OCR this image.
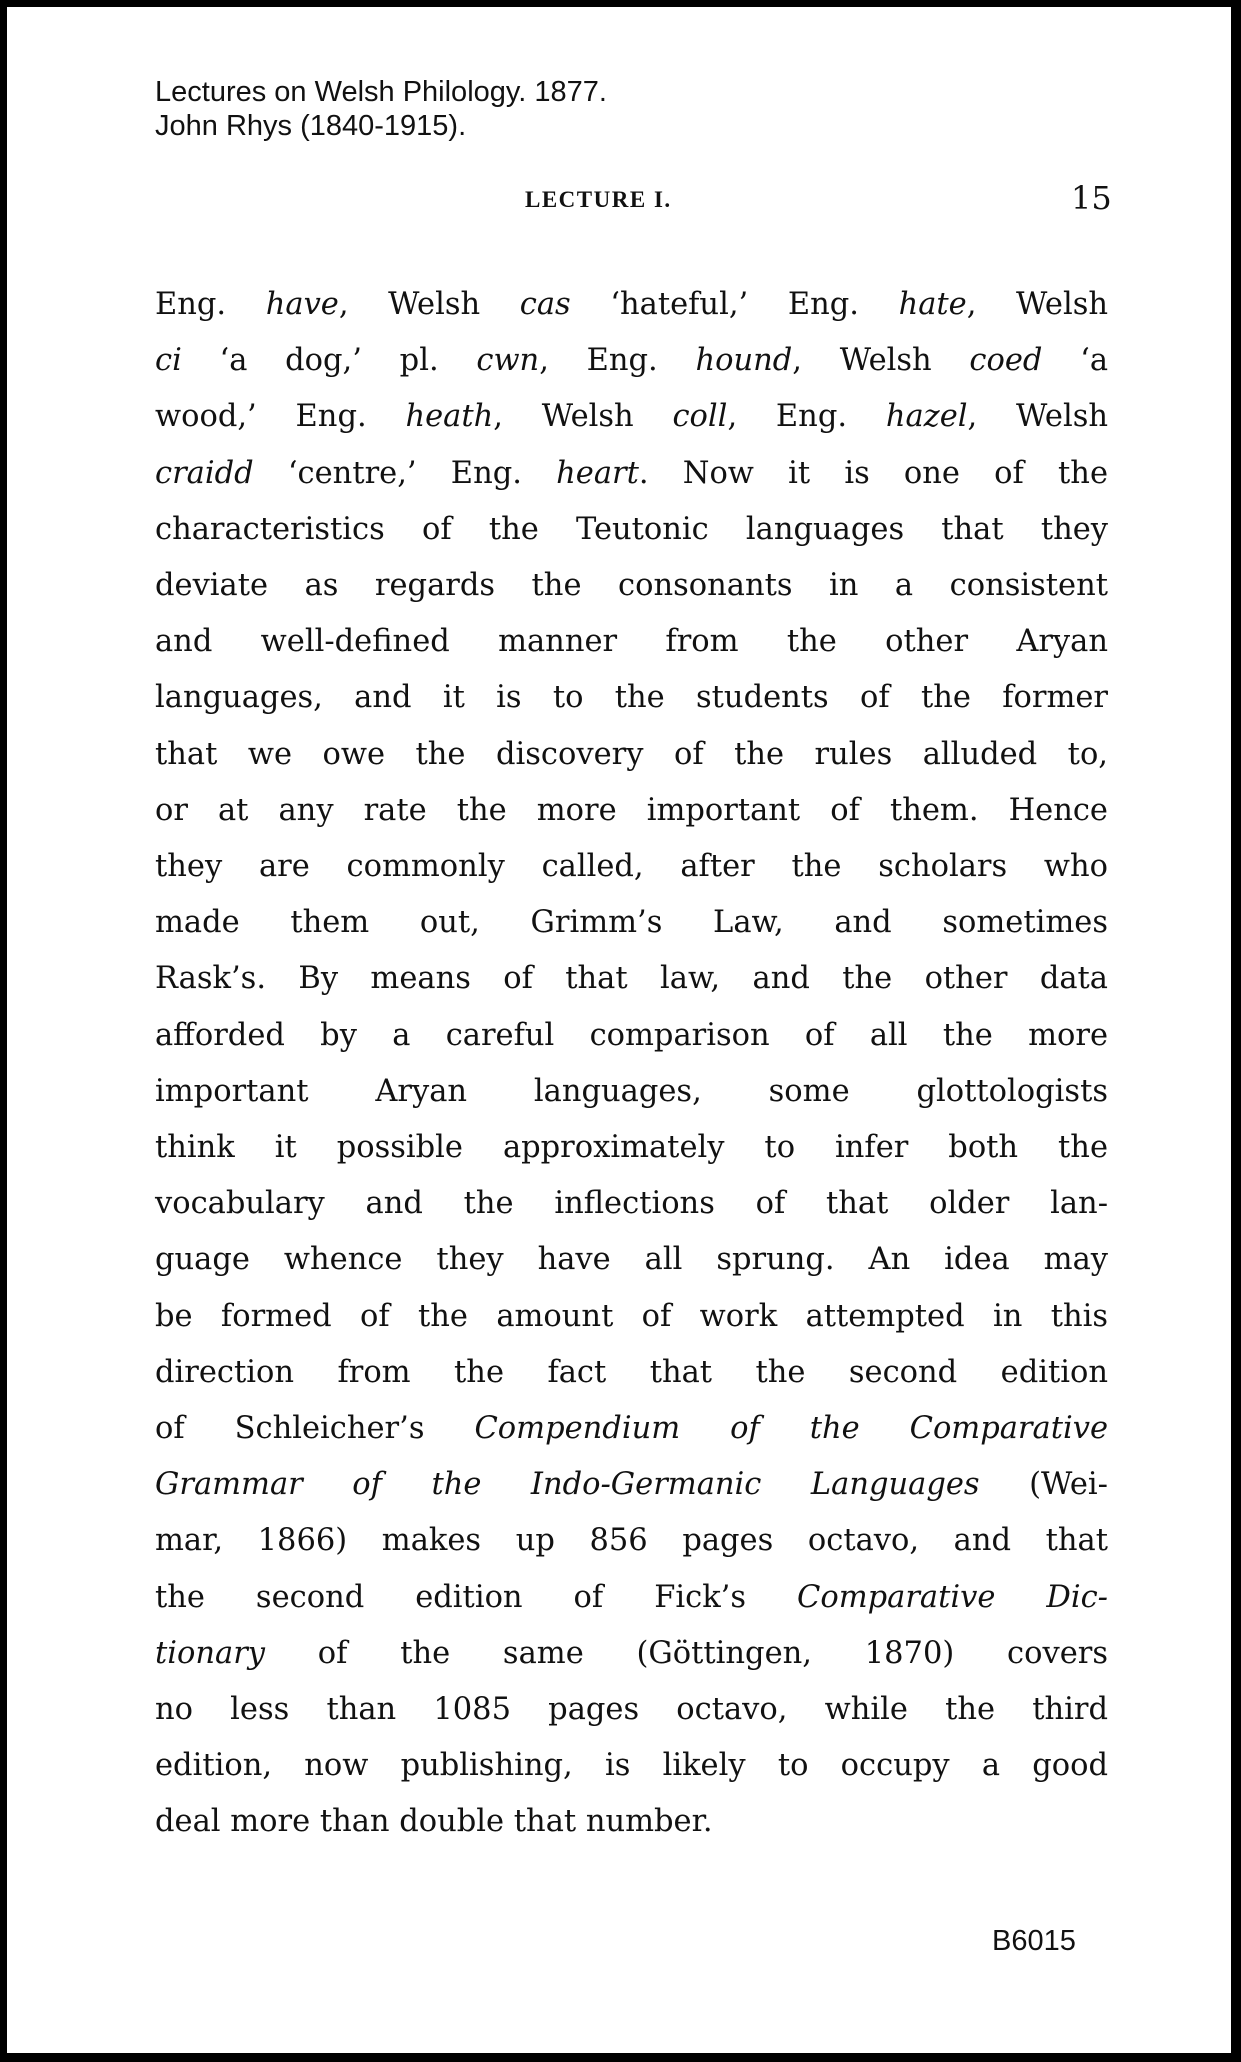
Lectures on Welsh Philology. 1877.
John Rhys (1840-1915).
LECTURE I.	15
Eng. have, Welsh cas ‘hateful,’ Eng. hate, Welsh
ci ‘a dog,’ pl. cwn, Eng. hound, Welsh coed ‘a
wood,’ Eng. heath, Welsh coll, Eng. hazel, Welsh
craidd ‘centre,’ Eng. heart. Now it is one of the
characteristics of the Teutonic languages that they
deviate as regards the consonants in a consistent
and well-defined manner from the other Aryan
languages, and it is to the students of the former
that we owe the discovery of the rules alluded to,
or at any rate the more important of them. Hence
they are commonly called, after the scholars who
made them out, Grimm’s Law, and sometimes
Rask’s. By means of that law, and the other data
afforded by a careful comparison of all the more
important Aryan languages, some glottologists
think it possible approximately to infer both the
vocabulary and the inflections of that older lan-
guage whence they have all sprung. An idea may
be formed of the amount of work attempted in this
direction from the fact that the second edition
of Schleicher’s Compendium of the Comparative
Grammar of the Indo-Germanic Languages (Wei-
mar, 1866) makes up 856 pages octavo, and that
the second edition of Fick’s Comparative Dic-
tionary of the same (Göttingen, 1870) covers
no less than 1085 pages octavo, while the third
edition, now publishing, is likely to occupy a good
deal more than double that number.
B6015
